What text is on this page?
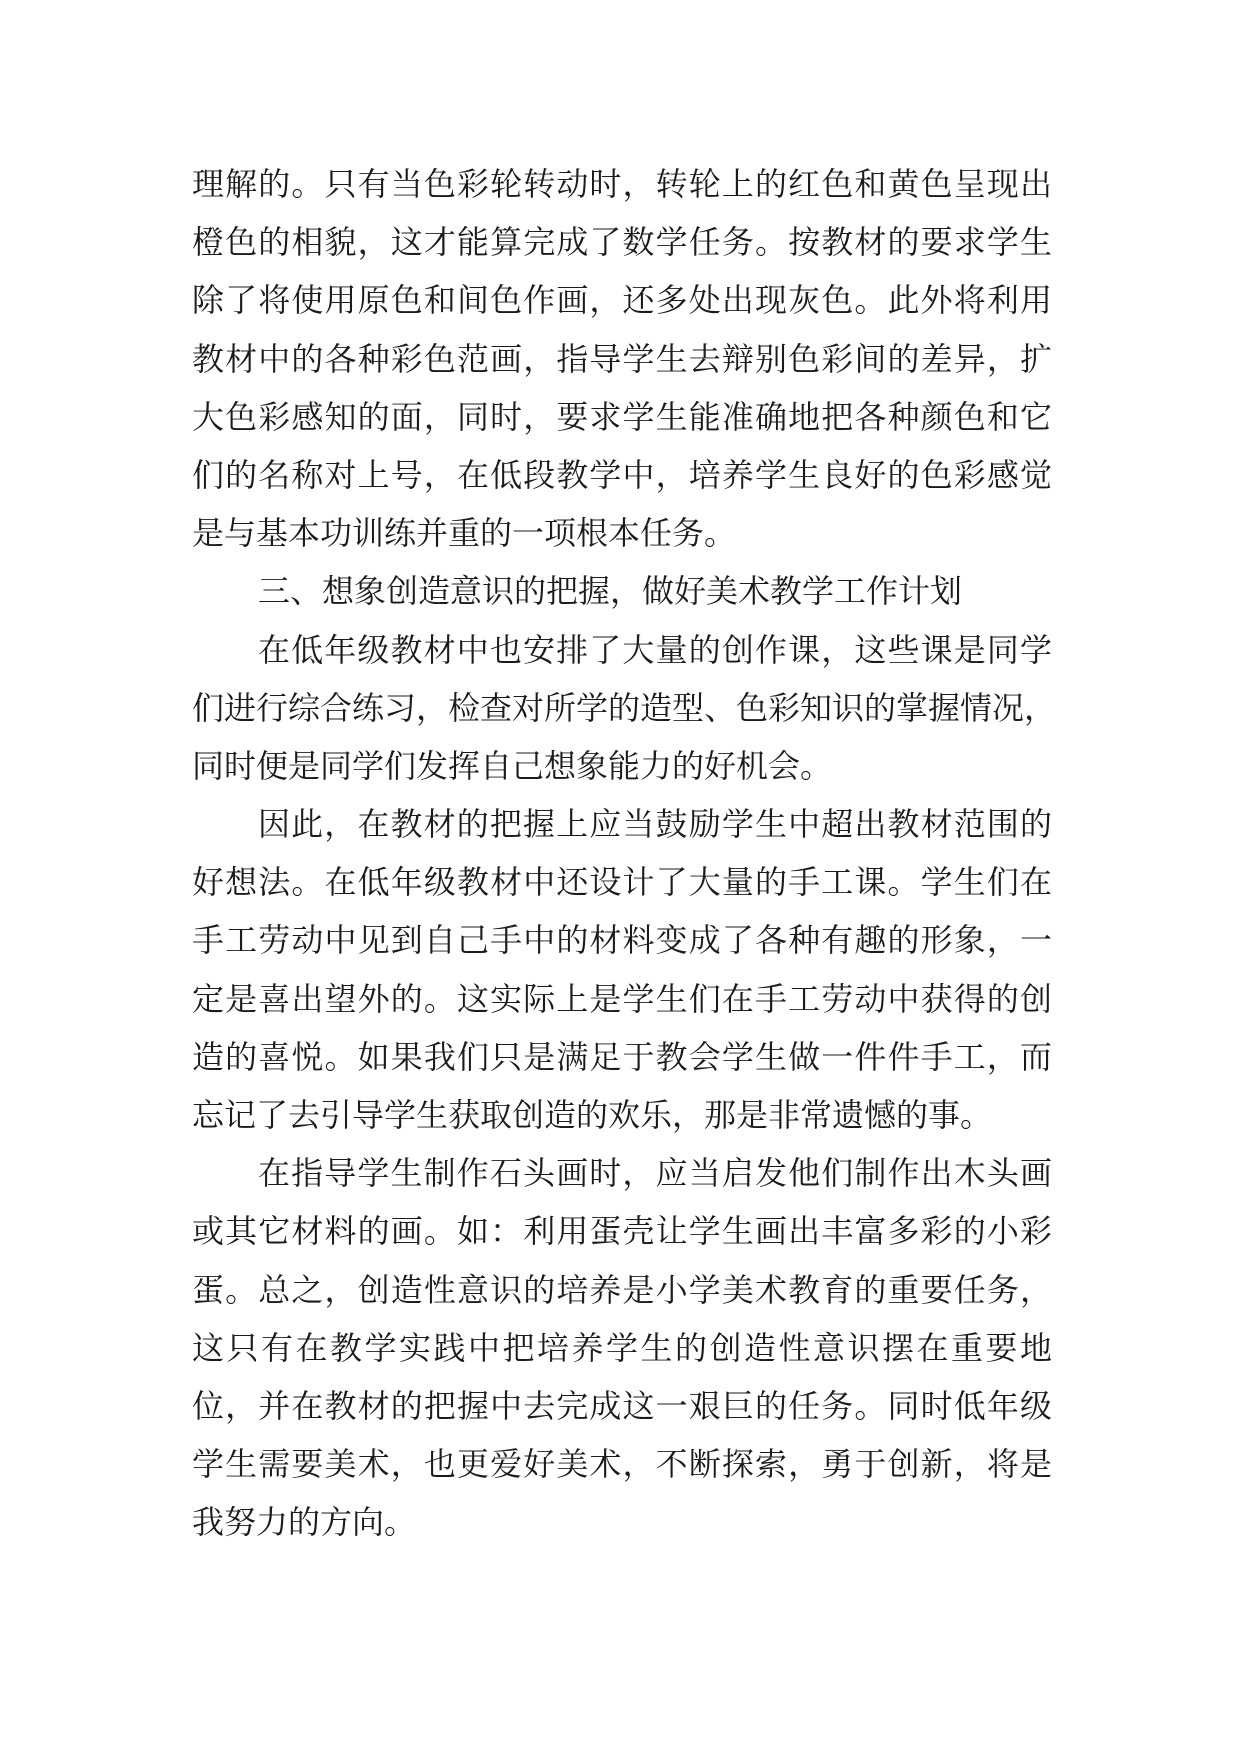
理解的。只有当色彩轮转动时，转轮上的红色和黄色呈现出
橙色的相貌，这才能算完成了数学任务。按教材的要求学生
除了将使用原色和间色作画，还多处出现灰色。此外将利用
教材中的各种彩色范画，指导学生去辩别色彩间的差异，扩
大色彩感知的面，同时，要求学生能准确地把各种颜色和它
们的名称对上号，在低段教学中，培养学生良好的色彩感觉
是与基本功训练并重的一项根本任务。
三、想象创造意识的把握，做好美术教学工作计划
在低年级教材中也安排了大量的创作课，这些课是同学
们进行综合练习，检查对所学的造型、色彩知识的掌握情况，
同时便是同学们发挥自己想象能力的好机会。
因此，在教材的把握上应当鼓励学生中超出教材范围的
好想法。在低年级教材中还设计了大量的手工课。学生们在
手工劳动中见到自己手中的材料变成了各种有趣的形象，一
定是喜出望外的。这实际上是学生们在手工劳动中获得的创
造的喜悦。如果我们只是满足于教会学生做一件件手工，而
忘记了去引导学生获取创造的欢乐，那是非常遗憾的事。
在指导学生制作石头画时，应当启发他们制作出木头画
或其它材料的画。如：利用蛋壳让学生画出丰富多彩的小彩
蛋。总之，创造性意识的培养是小学美术教育的重要任务，
这只有在教学实践中把培养学生的创造性意识摆在重要地
位，并在教材的把握中去完成这一艰巨的任务。同时低年级
学生需要美术，也更爱好美术，不断探索，勇于创新，将是
我努力的方向。
